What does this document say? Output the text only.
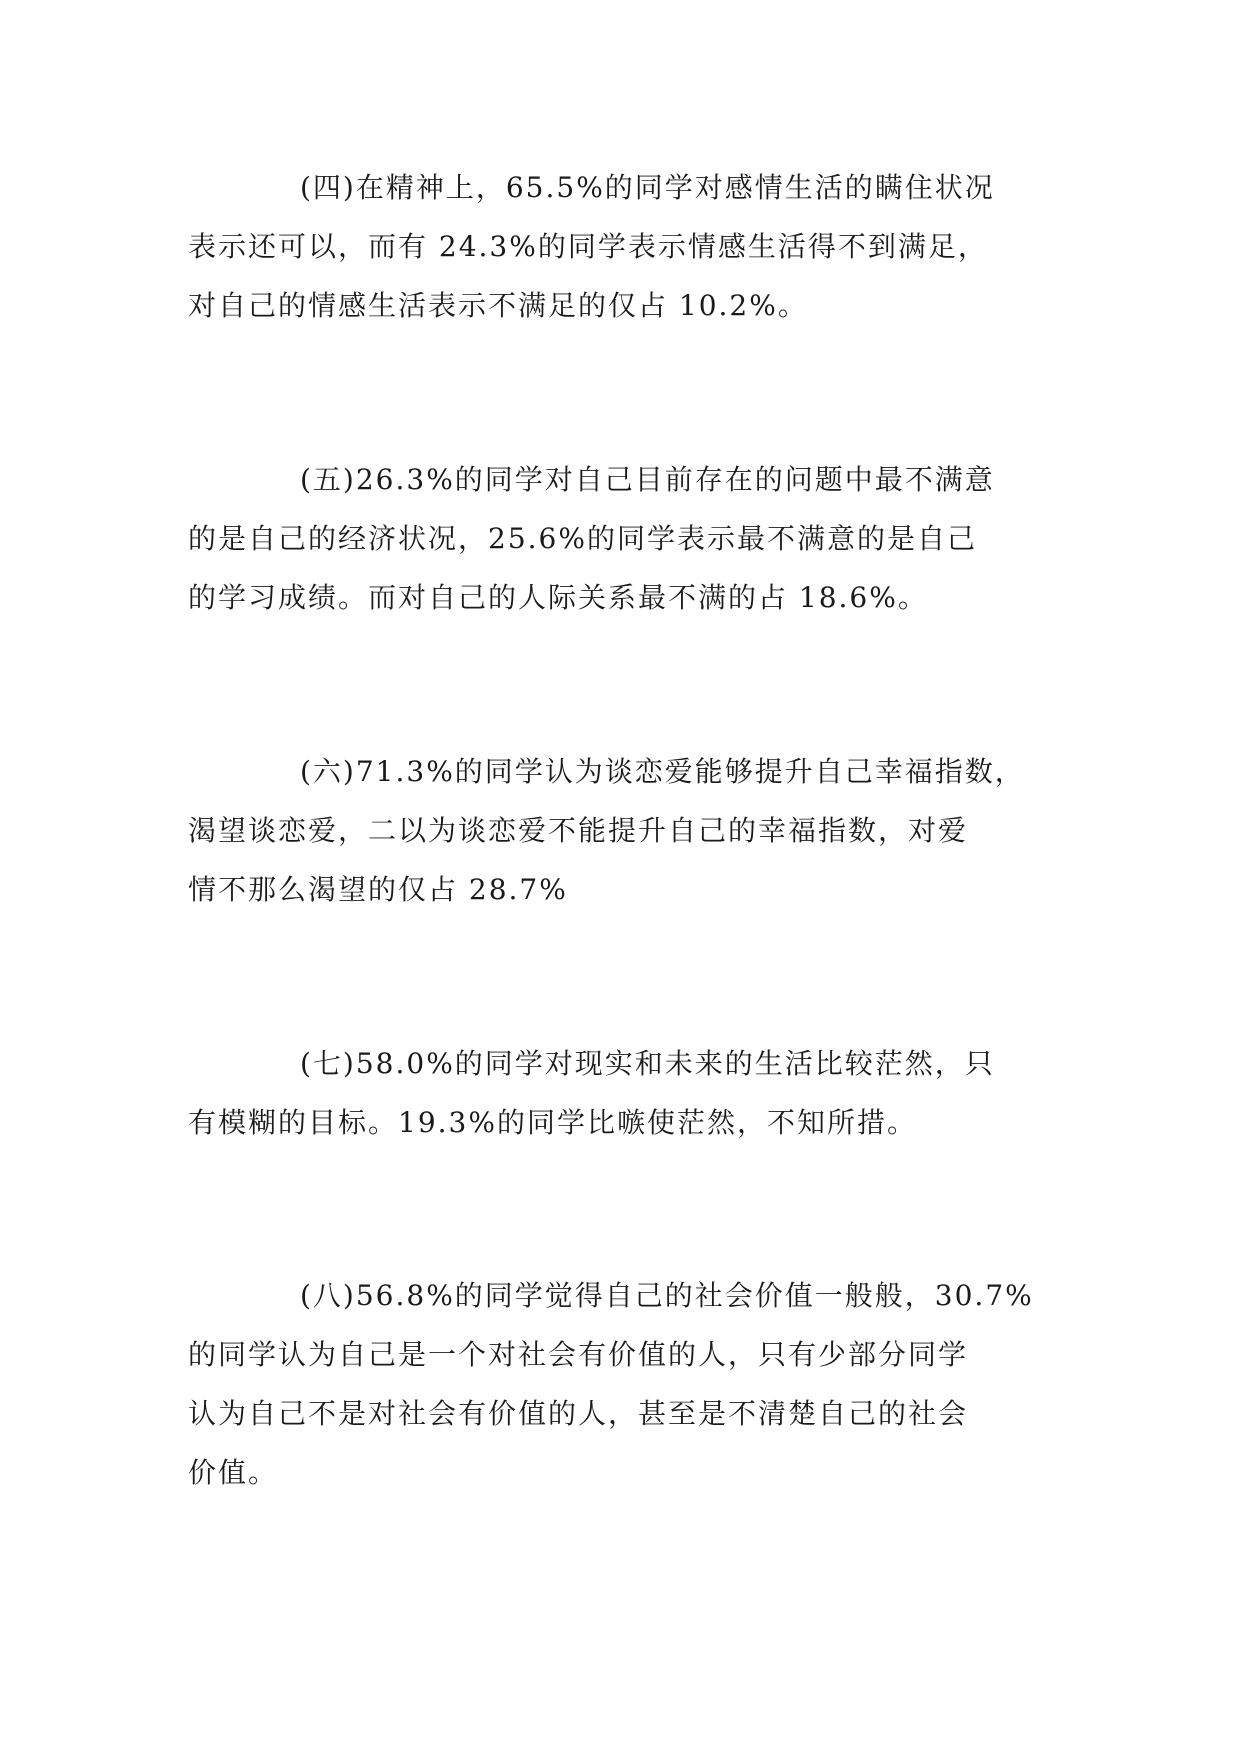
(四)在精神上，65.5%的同学对感情生活的瞒住状况
表示还可以，而有 24.3%的同学表示情感生活得不到满足，
对自己的情感生活表示不满足的仅占 10.2%。

(五)26.3%的同学对自己目前存在的问题中最不满意
的是自己的经济状况，25.6%的同学表示最不满意的是自己
的学习成绩。而对自己的人际关系最不满的占 18.6%。

(六)71.3%的同学认为谈恋爱能够提升自己幸福指数，
渴望谈恋爱，二以为谈恋爱不能提升自己的幸福指数，对爱
情不那么渴望的仅占 28.7%

(七)58.0%的同学对现实和未来的生活比较茫然，只
有模糊的目标。19.3%的同学比嗾使茫然，不知所措。

(八)56.8%的同学觉得自己的社会价值一般般，30.7%
的同学认为自己是一个对社会有价值的人，只有少部分同学
认为自己不是对社会有价值的人，甚至是不清楚自己的社会
价值。
